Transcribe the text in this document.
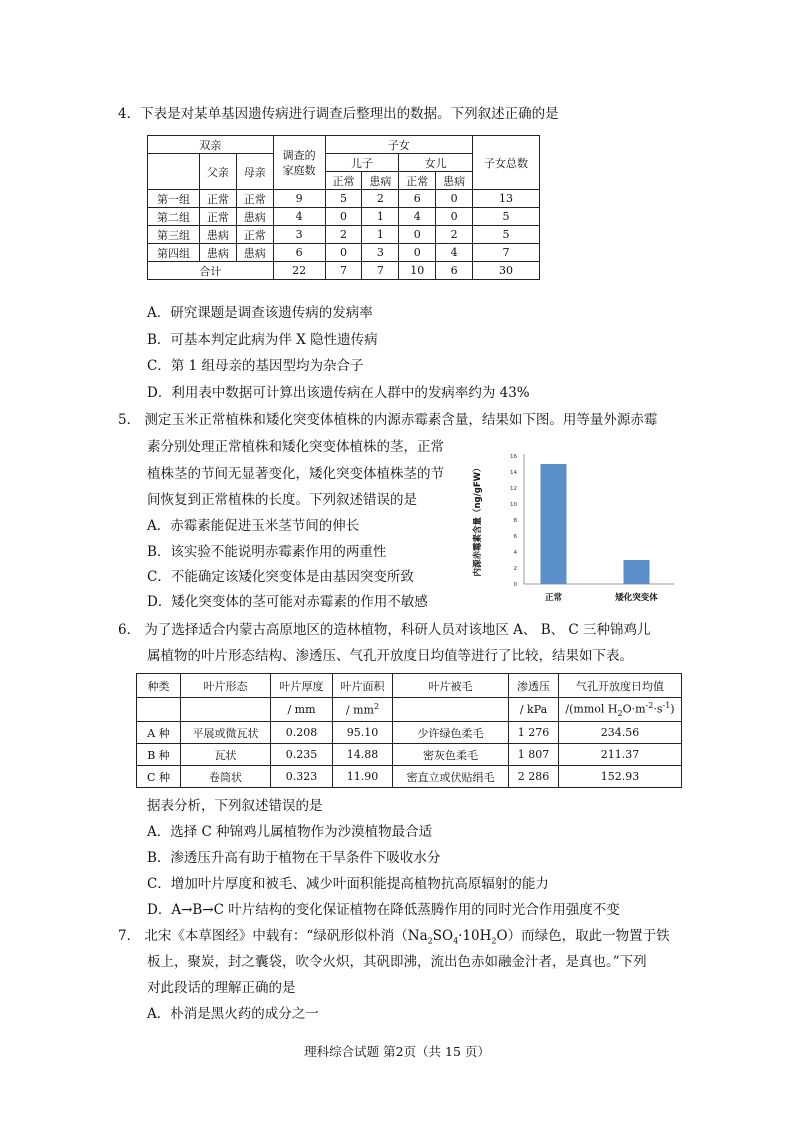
4．下表是对某单基因遗传病进行调查后整理出的数据。下列叙述正确的是
双亲			调查的
家庭数	子女				子女总数
	父亲	母亲		儿子		女儿		
				正常	患病	正常	患病	
第一组	正常	正常	9	5	2	6	0	13
第二组	正常	患病	4	0	1	4	0	5
第三组	患病	正常	3	2	1	0	2	5
第四组	患病	患病	6	0	3	0	4	7
合计			22	7	7	10	6	30
A．研究课题是调查该遗传病的发病率
B．可基本判定此病为伴 X 隐性遗传病
C．第 1 组母亲的基因型均为杂合子
D．利用表中数据可计算出该遗传病在人群中的发病率约为 43%
5． 测定玉米正常植株和矮化突变体植株的内源赤霉素含量，结果如下图。用等量外源赤霉
素分别处理正常植株和矮化突变体植株的茎，正常
植株茎的节间无显著变化，矮化突变体植株茎的节
间恢复到正常植株的长度。下列叙述错误的是
A．赤霉素能促进玉米茎节间的伸长
B．该实验不能说明赤霉素作用的两重性
C．不能确定该矮化突变体是由基因突变所致
D．矮化突变体的茎可能对赤霉素的作用不敏感
0
2
4
6
8
10
12
14
16
内源赤霉素含量（ng/gFW）
正常	矮化突变体
6． 为了选择适合内蒙古高原地区的造林植物，科研人员对该地区 A、 B、 C 三种锦鸡儿
属植物的叶片形态结构、渗透压、气孔开放度日均值等进行了比较，结果如下表。
种类	叶片形态	叶片厚度	叶片面积	叶片被毛	渗透压	气孔开放度日均值
		/ mm	/ $mm^2$		/ kPa	/(mmol $H_2O\cdot m^{-2}\cdot s^{-1}$)
A 种	平展或微瓦状	0.208	95.10	少许绿色柔毛	1 276	234.56
B 种	瓦状	0.235	14.88	密灰色柔毛	1 807	211.37
C 种	卷筒状	0.323	11.90	密直立或伏贴绢毛	2 286	152.93
据表分析，下列叙述错误的是
A．选择 C 种锦鸡儿属植物作为沙漠植物最合适
B．渗透压升高有助于植物在干旱条件下吸收水分
C．增加叶片厚度和被毛、减少叶面积能提高植物抗高原辐射的能力
D．A→B→C 叶片结构的变化保证植物在降低蒸腾作用的同时光合作用强度不变
7． 北宋《本草图经》中载有：“绿矾形似朴消$(Na_2SO_4\cdot 10H_2O)$而绿色，取此一物置于铁
板上，聚炭，封之囊袋，吹令火炽，其矾即沸，流出色赤如融金汁者，是真也。”下列
对此段话的理解正确的是
A．朴消是黑火药的成分之一
理科综合试题 第2页（共 15 页）
